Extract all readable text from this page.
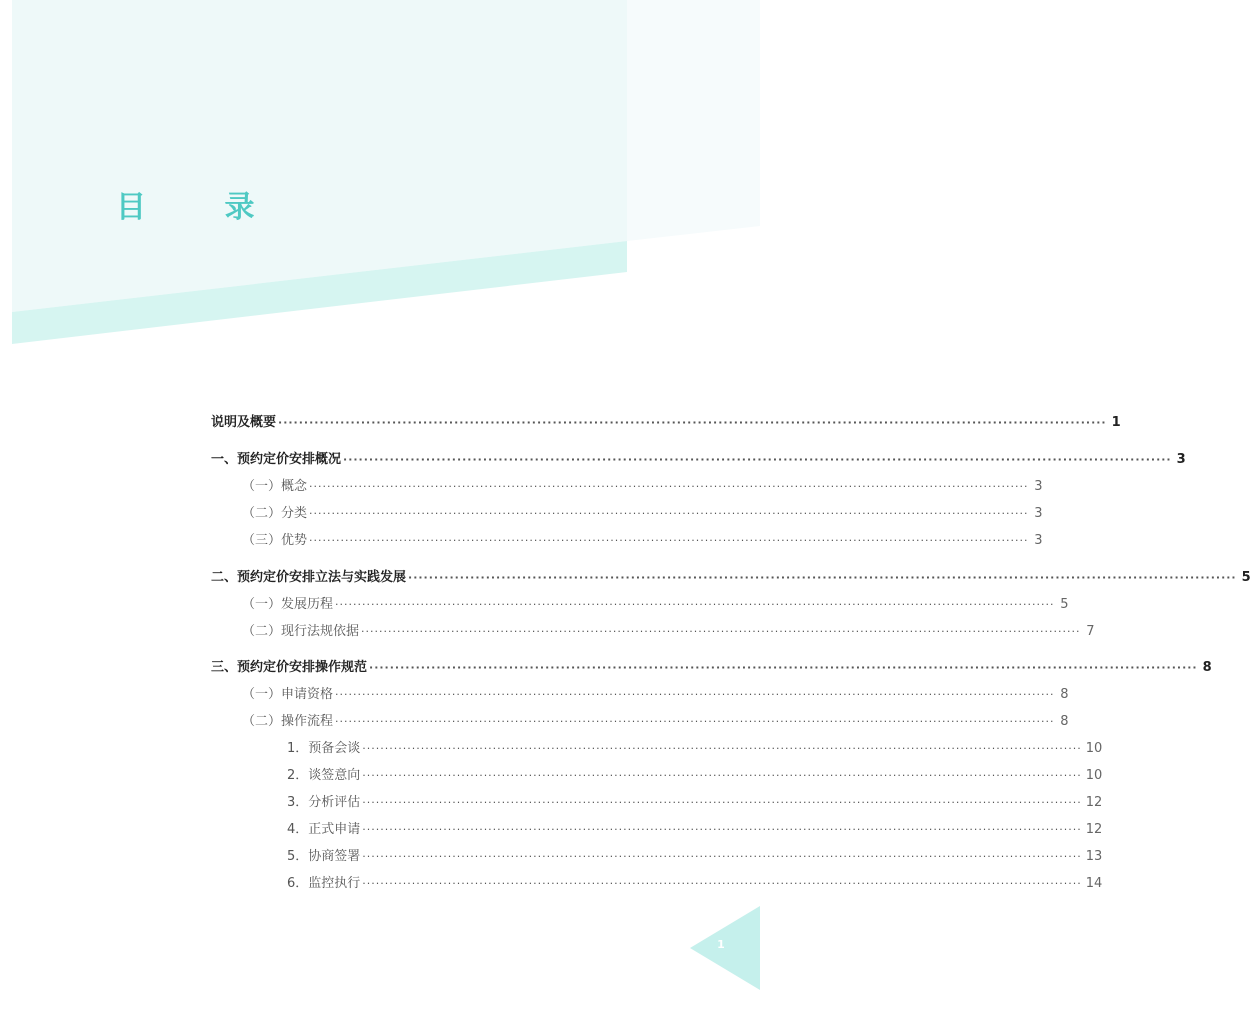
目 录
说明及概要 ································································································································································ 1
一、预约定价安排概况 ································································································································································ 3
（一）概念 ································································································································································ 3
（二）分类 ································································································································································ 3
（三）优势 ································································································································································ 3
二、预约定价安排立法与实践发展 ································································································································································ 5
（一）发展历程 ································································································································································ 5
（二）现行法规依据 ································································································································································ 7
三、预约定价安排操作规范 ································································································································································ 8
（一）申请资格 ································································································································································ 8
（二）操作流程 ································································································································································ 8
1．预备会谈 ································································································································································ 10
2．谈签意向 ································································································································································ 10
3．分析评估 ································································································································································ 12
4．正式申请 ································································································································································ 12
5．协商签署 ································································································································································ 13
6．监控执行 ································································································································································ 14
1
